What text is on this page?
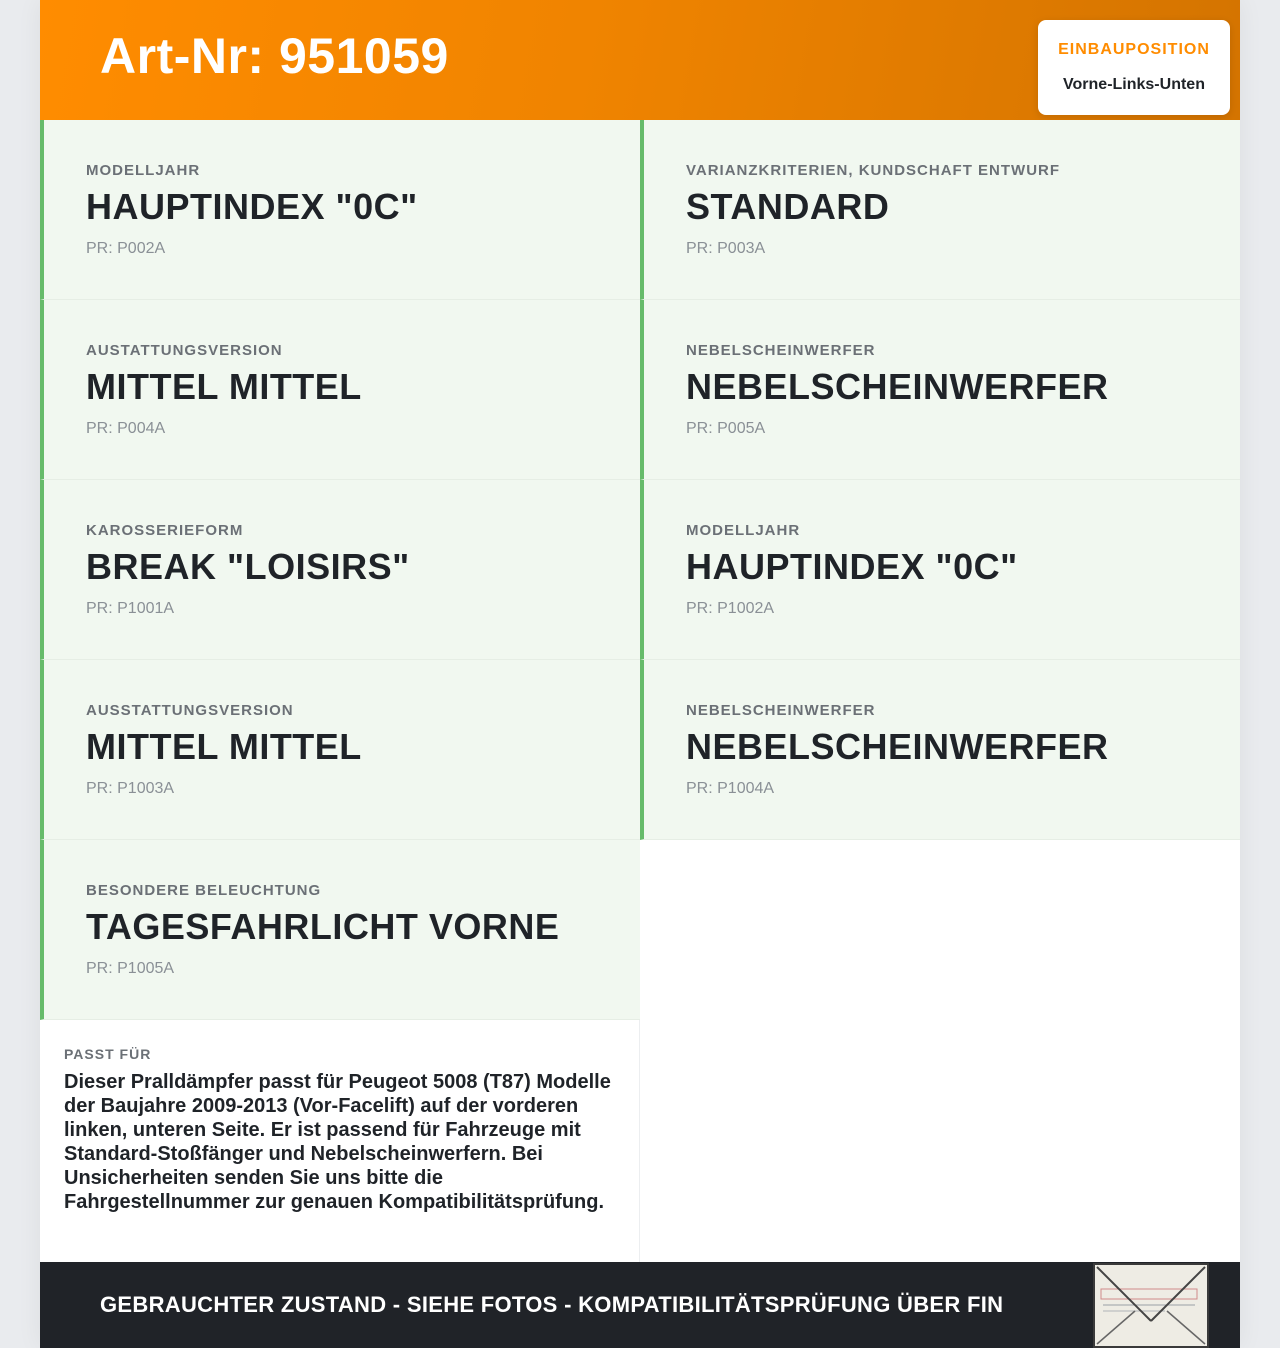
Art-Nr: 951059	EINBAUPOSITION
Vorne-Links-Unten
MODELLJAHR
HAUPTINDEX "0C"
PR: P002A
VARIANZKRITERIEN, KUNDSCHAFT ENTWURF
STANDARD
PR: P003A
AUSTATTUNGSVERSION
MITTEL MITTEL
PR: P004A
NEBELSCHEINWERFER
NEBELSCHEINWERFER
PR: P005A
KAROSSERIEFORM
BREAK "LOISIRS"
PR: P1001A
MODELLJAHR
HAUPTINDEX "0C"
PR: P1002A
AUSSTATTUNGSVERSION
MITTEL MITTEL
PR: P1003A
NEBELSCHEINWERFER
NEBELSCHEINWERFER
PR: P1004A
BESONDERE BELEUCHTUNG
TAGESFAHRLICHT VORNE
PR: P1005A
PASST FÜR
Dieser Pralldämpfer passt für Peugeot 5008 (T87) Modelle der Baujahre 2009-2013 (Vor-Facelift) auf der vorderen linken, unteren Seite. Er ist passend für Fahrzeuge mit Standard-Stoßfänger und Nebelscheinwerfern. Bei Unsicherheiten senden Sie uns bitte die Fahrgestellnummer zur genauen Kompatibilitätsprüfung.
GEBRAUCHTER ZUSTAND - SIEHE FOTOS - KOMPATIBILITÄTSPRÜFUNG ÜBER FIN
